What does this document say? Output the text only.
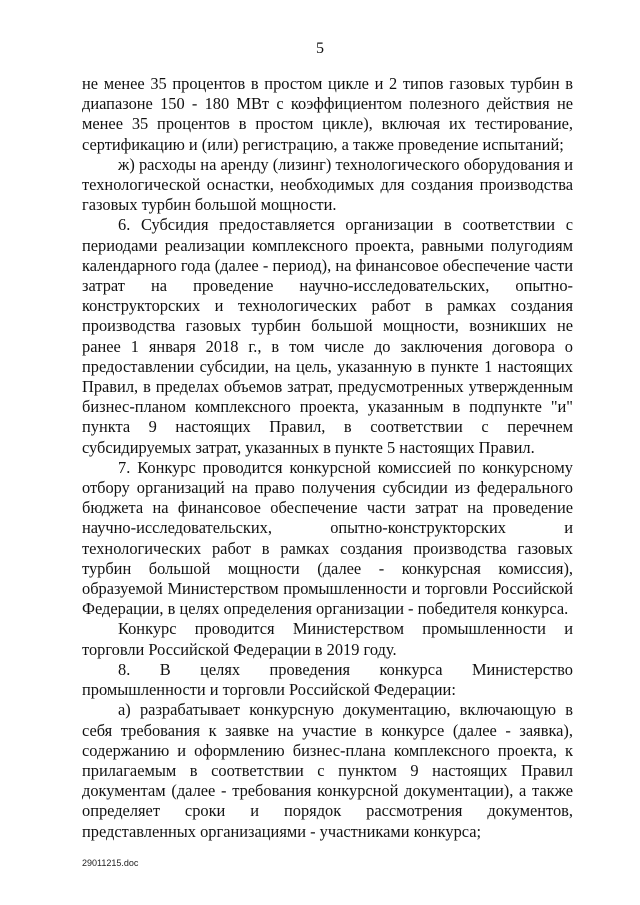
5

не менее 35 процентов в простом цикле и 2 типов газовых турбин в диапазоне 150 - 180 МВт с коэффициентом полезного действия не менее 35 процентов в простом цикле), включая их тестирование, сертификацию и (или) регистрацию, а также проведение испытаний;

ж) расходы на аренду (лизинг) технологического оборудования и технологической оснастки, необходимых для создания производства газовых турбин большой мощности.

6. Субсидия предоставляется организации в соответствии с периодами реализации комплексного проекта, равными полугодиям календарного года (далее - период), на финансовое обеспечение части затрат на проведение научно-исследовательских, опытно-конструкторских и технологических работ в рамках создания производства газовых турбин большой мощности, возникших не ранее 1 января 2018 г., в том числе до заключения договора о предоставлении субсидии, на цель, указанную в пункте 1 настоящих Правил, в пределах объемов затрат, предусмотренных утвержденным бизнес-планом комплексного проекта, указанным в подпункте "и" пункта 9 настоящих Правил, в соответствии с перечнем субсидируемых затрат, указанных в пункте 5 настоящих Правил.

7. Конкурс проводится конкурсной комиссией по конкурсному отбору организаций на право получения субсидии из федерального бюджета на финансовое обеспечение части затрат на проведение научно-исследовательских, опытно-конструкторских и технологических работ в рамках создания производства газовых турбин большой мощности (далее - конкурсная комиссия), образуемой Министерством промышленности и торговли Российской Федерации, в целях определения организации - победителя конкурса.

Конкурс проводится Министерством промышленности и торговли Российской Федерации в 2019 году.

8. В целях проведения конкурса Министерство промышленности и торговли Российской Федерации:

а) разрабатывает конкурсную документацию, включающую в себя требования к заявке на участие в конкурсе (далее - заявка), содержанию и оформлению бизнес-плана комплексного проекта, к прилагаемым в соответствии с пунктом 9 настоящих Правил документам (далее - требования конкурсной документации), а также определяет сроки и порядок рассмотрения документов, представленных организациями - участниками конкурса;

29011215.doc
